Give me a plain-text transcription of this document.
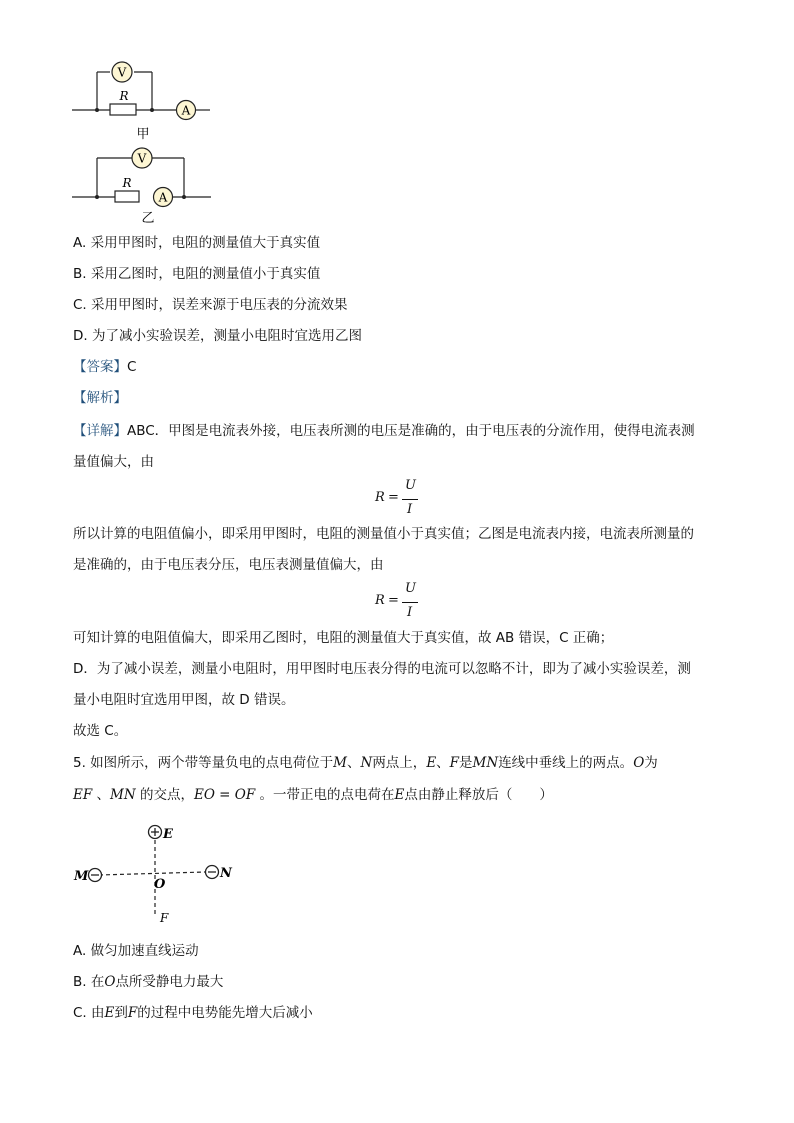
V
A
R
甲
V
A
R
乙
A. 采用甲图时，电阻的测量值大于真实值
B. 采用乙图时，电阻的测量值小于真实值
C. 采用甲图时，误差来源于电压表的分流效果
D. 为了减小实验误差，测量小电阻时宜选用乙图
【答案】C
【解析】
【详解】ABC．甲图是电流表外接，电压表所测的电压是准确的，由于电压表的分流作用，使得电流表测
量值偏大，由
R =
U
I
所以计算的电阻值偏小，即采用甲图时，电阻的测量值小于真实值；乙图是电流表内接，电流表所测量的
是准确的，由于电压表分压，电压表测量值偏大，由
R =
U
I
可知计算的电阻值偏大，即采用乙图时，电阻的测量值大于真实值，故 AB 错误，C 正确；
D．为了减小误差，测量小电阻时，用甲图时电压表分得的电流可以忽略不计，即为了减小实验误差，测
量小电阻时宜选用甲图，故 D 错误。
故选 C。
5. 如图所示，两个带等量负电的点电荷位于M、N两点上，E、F是MN连线中垂线上的两点。O为
EF 、MN 的交点，EO = OF 。一带正电的点电荷在E点由静止释放后（　　）
E
M	N
O
F
A. 做匀加速直线运动
B. 在O点所受静电力最大
C. 由E到F的过程中电势能先增大后减小
